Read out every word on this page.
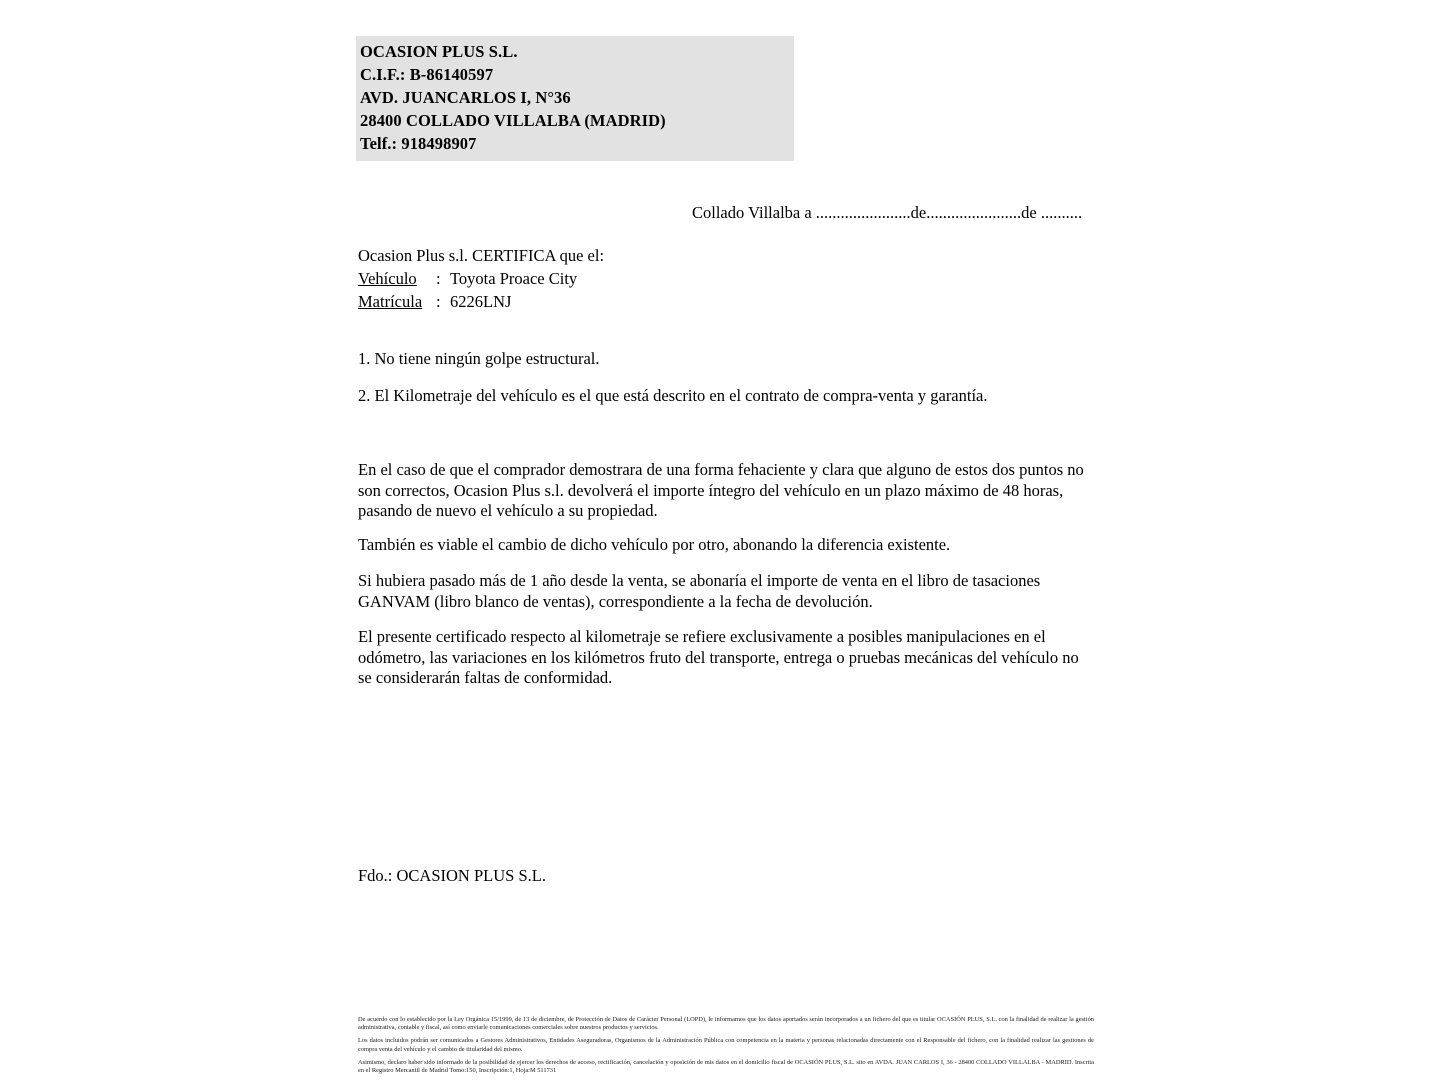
OCASION PLUS S.L.
C.I.F.: B-86140597
AVD. JUANCARLOS I, N°36
28400 COLLADO VILLALBA (MADRID)
Telf.: 918498907
Collado Villalba a .......................de.......................de ..........
Ocasion Plus s.l. CERTIFICA que el:
Vehículo : Toyota Proace City
Matrícula : 6226LNJ
1. No tiene ningún golpe estructural.
2. El Kilometraje del vehículo es el que está descrito en el contrato de compra-venta y garantía.
En el caso de que el comprador demostrara de una forma fehaciente y clara que alguno de estos dos puntos no son correctos, Ocasion Plus s.l. devolverá el importe íntegro del vehículo en un plazo máximo de 48 horas, pasando de nuevo el vehículo a su propiedad.
También es viable el cambio de dicho vehículo por otro, abonando la diferencia existente.
Si hubiera pasado más de 1 año desde la venta, se abonaría el importe de venta en el libro de tasaciones GANVAM (libro blanco de ventas), correspondiente a la fecha de devolución.
El presente certificado respecto al kilometraje se refiere exclusivamente a posibles manipulaciones en el odómetro, las variaciones en los kilómetros fruto del transporte, entrega o pruebas mecánicas del vehículo no se considerarán faltas de conformidad.
Fdo.: OCASION PLUS S.L.

De acuerdo con lo establecido por la Ley Orgánica 15/1999, de 13 de diciembre, de Protección de Datos de Carácter Personal (LOPD), le informamos que los datos aportados serán incorporados a un fichero del que es titular OCASIÓN PLUS, S.L. con la finalidad de realizar la gestión administrativa, contable y fiscal, así como enviarle comunicaciones comerciales sobre nuestros productos y servicios.

Los datos incluidos podrán ser comunicados a Gestores Administrativos, Entidades Aseguradoras, Organismos de la Administración Pública con competencia en la materia y personas relacionadas directamente con el Responsable del fichero, con la finalidad realizar las gestiones de compra venta del vehículo y el cambio de titularidad del mismo.

Asimismo, declaro haber sido informado de la posibilidad de ejercer los derechos de acceso, rectificación, cancelación y oposición de mis datos en el domicilio fiscal de OCASIÓN PLUS, S.L. sito en AVDA. JUAN CARLOS I, 36 - 28400 COLLADO VILLALBA - MADRID. Inscrita en el Registro Mercantil de Madrid Tomo:150, Inscripción:1, Hoja:M 511731
